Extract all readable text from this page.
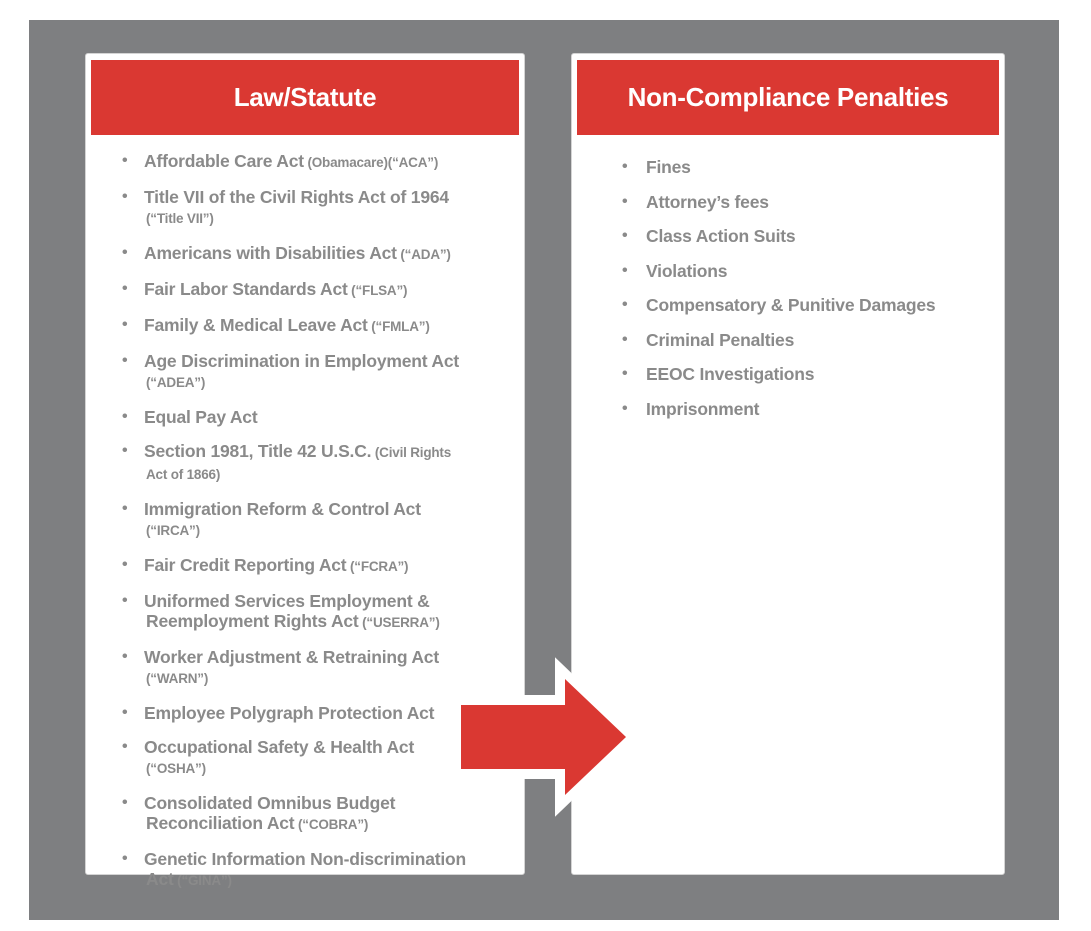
Law/Statute
• Affordable Care Act (Obamacare)(“ACA”)
• Title VII of the Civil Rights Act of 1964
(“Title VII”)
• Americans with Disabilities Act (“ADA”)
• Fair Labor Standards Act (“FLSA”)
• Family & Medical Leave Act (“FMLA”)
• Age Discrimination in Employment Act
(“ADEA”)
• Equal Pay Act
• Section 1981, Title 42 U.S.C. (Civil Rights
Act of 1866)
• Immigration Reform & Control Act
(“IRCA”)
• Fair Credit Reporting Act (“FCRA”)
• Uniformed Services Employment &
Reemployment Rights Act (“USERRA”)
• Worker Adjustment & Retraining Act
(“WARN”)
• Employee Polygraph Protection Act
• Occupational Safety & Health Act
(“OSHA”)
• Consolidated Omnibus Budget
Reconciliation Act (“COBRA”)
• Genetic Information Non-discrimination
Act (“GINA”)
Non-Compliance Penalties
• Fines
• Attorney’s fees
• Class Action Suits
• Violations
• Compensatory & Punitive Damages
• Criminal Penalties
• EEOC Investigations
• Imprisonment
